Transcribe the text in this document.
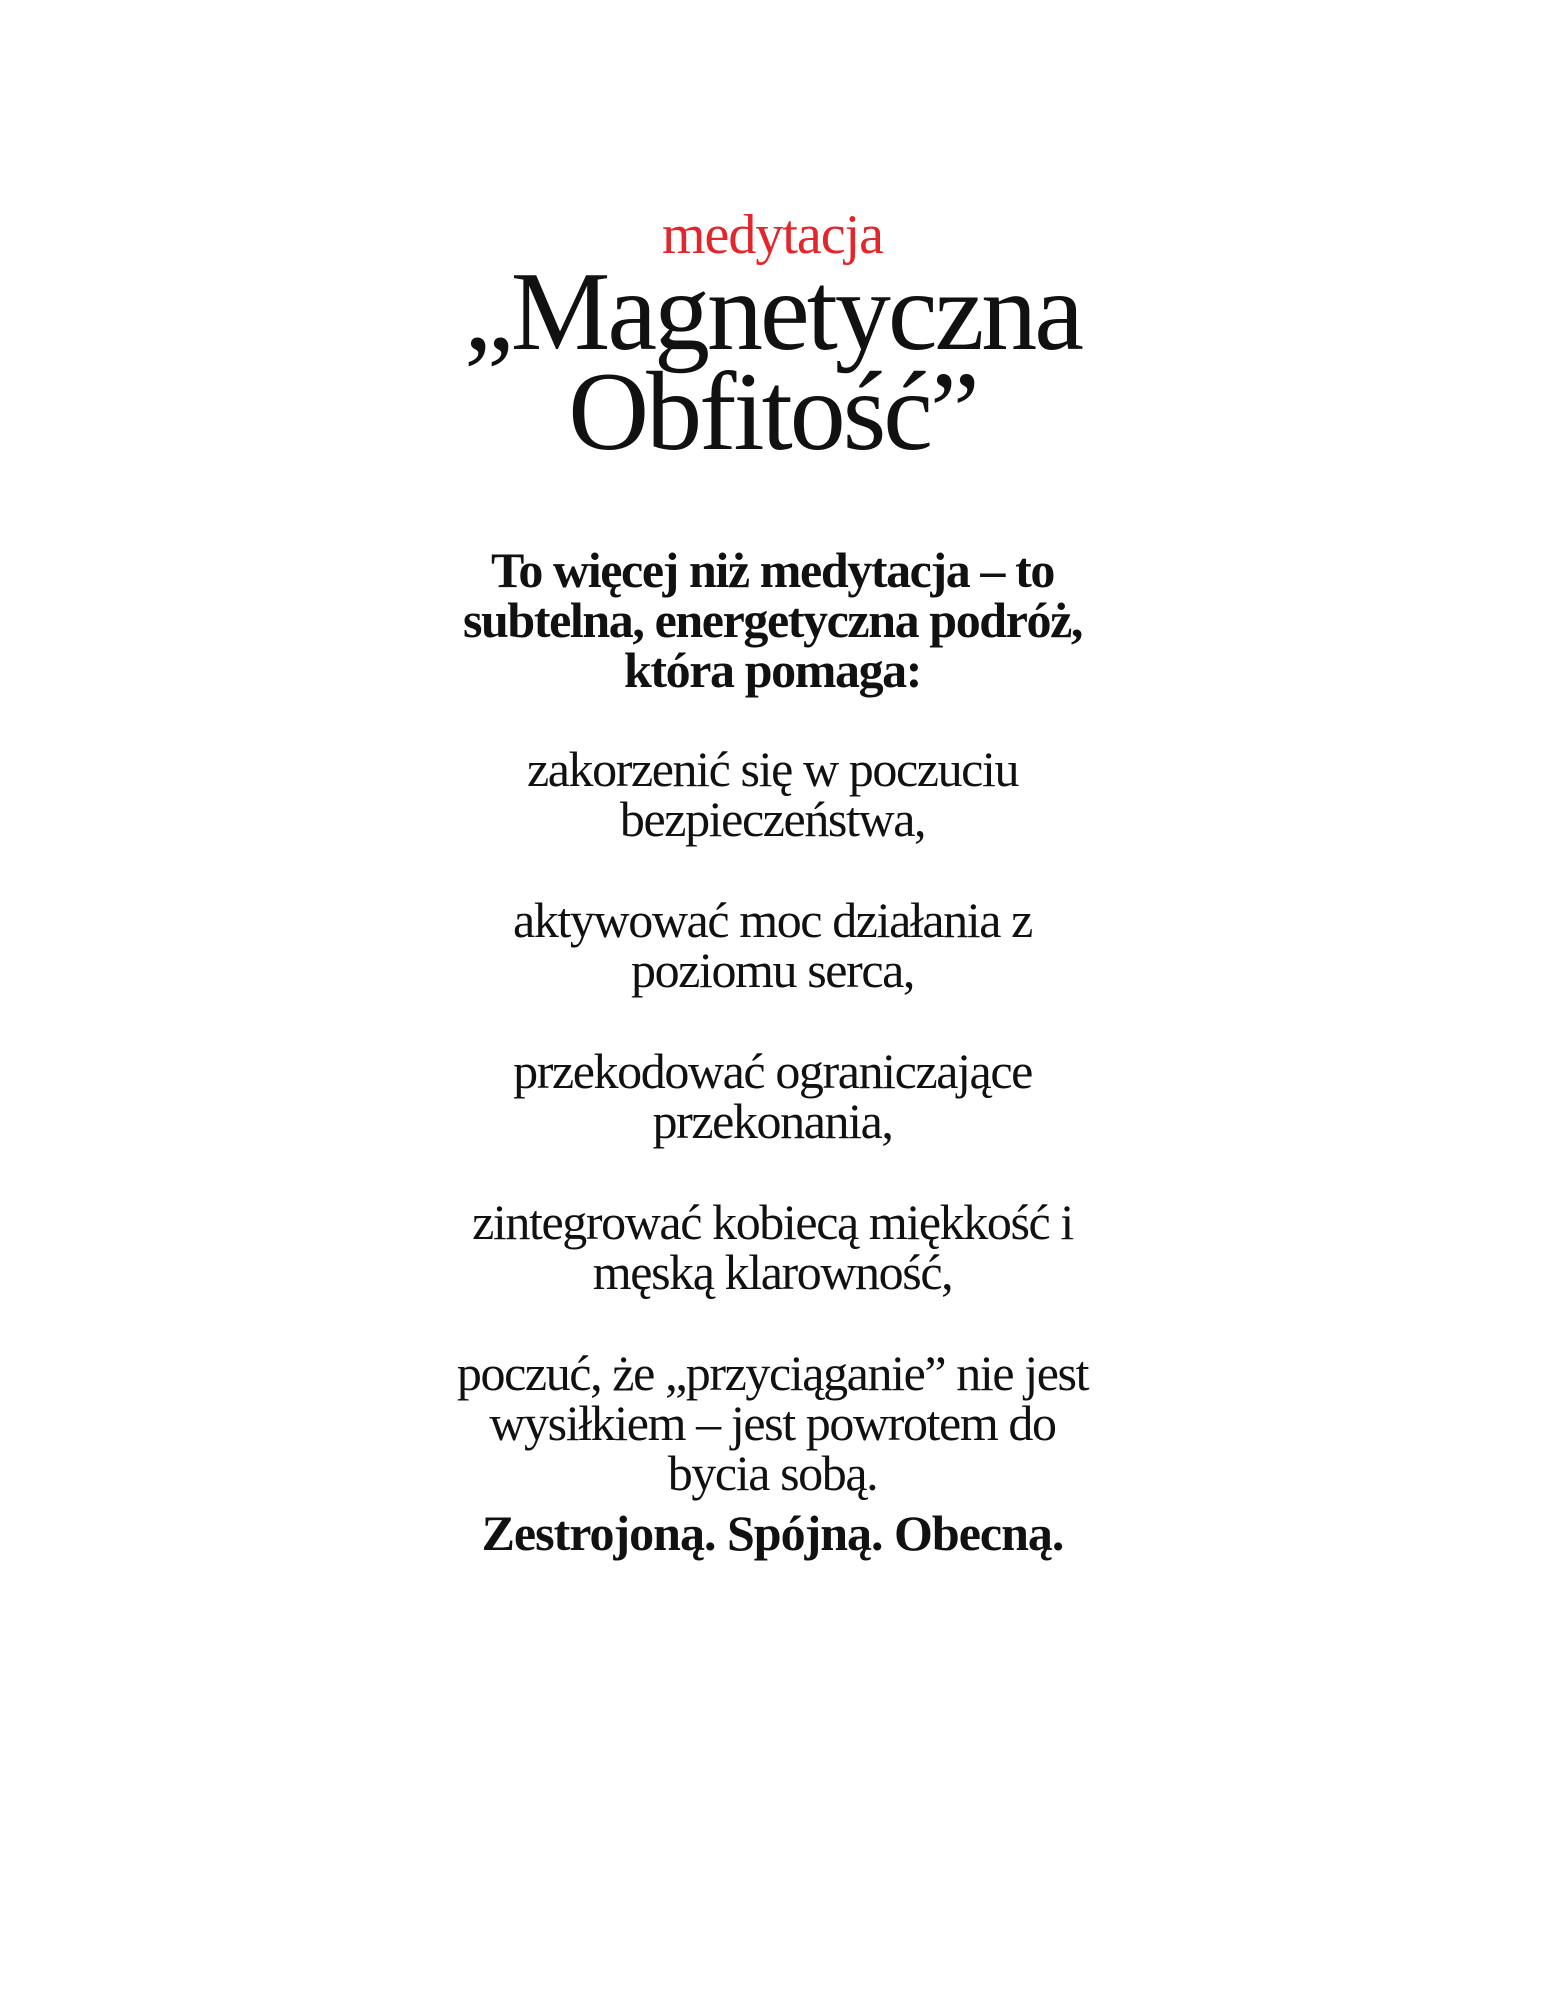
medytacja
„Magnetyczna
Obfitość”
To więcej niż medytacja – to
subtelna, energetyczna podróż,
która pomaga:
zakorzenić się w poczuciu
bezpieczeństwa,
aktywować moc działania z
poziomu serca,
przekodować ograniczające
przekonania,
zintegrować kobiecą miękkość i
męską klarowność,
poczuć, że „przyciąganie” nie jest
wysiłkiem – jest powrotem do
bycia sobą.
Zestrojoną. Spójną. Obecną.
